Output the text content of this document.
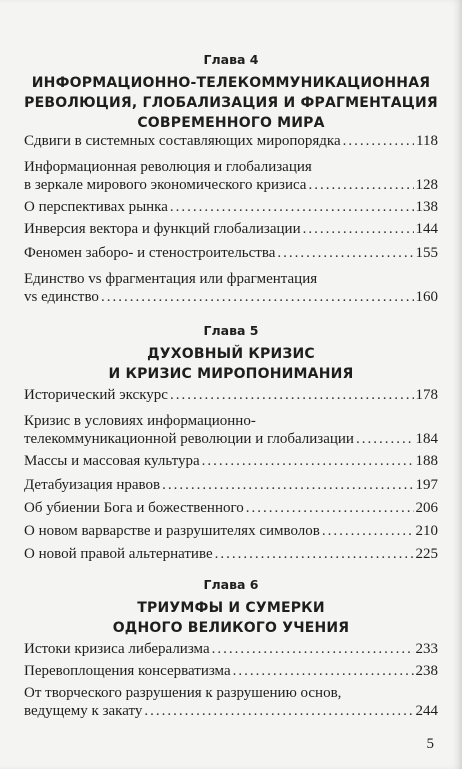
Глава 4
ИНФОРМАЦИОННО-ТЕЛЕКОММУНИКАЦИОННАЯ
РЕВОЛЮЦИЯ, ГЛОБАЛИЗАЦИЯ И ФРАГМЕНТАЦИЯ
СОВРЕМЕННОГО МИРА
Сдвиги в системных составляющих миропорядка .....	118
Информационная революция и глобализация
в зеркале мирового экономического кризиса .....	128
О перспективах рынка .....	138
Инверсия вектора и функций глобализации .....	144
Феномен заборо- и стеностроительства .....	155
Единство vs фрагментация или фрагментация
vs единство .....	160
Глава 5
ДУХОВНЫЙ КРИЗИС
И КРИЗИС МИРОПОНИМАНИЯ
Исторический экскурс .....	178
Кризис в условиях информационно-
телекоммуникационной революции и глобализации .....	184
Массы и массовая культура .....	188
Детабуизация нравов .....	197
Об убиении Бога и божественного .....	206
О новом варварстве и разрушителях символов .....	210
О новой правой альтернативе .....	225
Глава 6
ТРИУМФЫ И СУМЕРКИ
ОДНОГО ВЕЛИКОГО УЧЕНИЯ
Истоки кризиса либерализма .....	233
Перевоплощения консерватизма .....	238
От творческого разрушения к разрушению основ,
ведущему к закату .....	244
5
